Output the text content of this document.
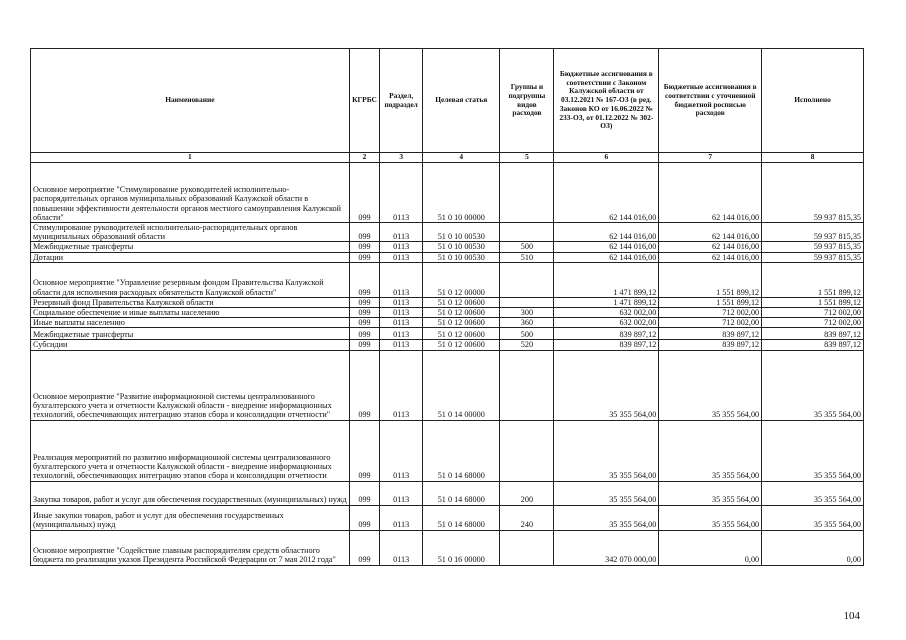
Наименование	КГРБС	Раздел, подраздел	Целевая статья	Группы и подгруппы видов расходов	Бюджетные ассигнования в соответствии с Законом Калужской области от 03.12.2021 № 167-ОЗ (в ред. Законов КО от 16.06.2022 № 233-ОЗ, от 01.12.2022 № 302-ОЗ)	Бюджетные ассигнования в соответствии с уточненной бюджетной росписью расходов	Исполнено
1	2	3	4	5	6	7	8
Основное мероприятие "Стимулирование руководителей исполнительно-распорядительных органов муниципальных образований Калужской области в повышении эффективности деятельности органов местного самоуправления Калужской области"	099	0113	51 0 10 00000		62 144 016,00	62 144 016,00	59 937 815,35
Стимулирование руководителей исполнительно-распорядительных органов муниципальных образований области	099	0113	51 0 10 00530		62 144 016,00	62 144 016,00	59 937 815,35
Межбюджетные трансферты	099	0113	51 0 10 00530	500	62 144 016,00	62 144 016,00	59 937 815,35
Дотации	099	0113	51 0 10 00530	510	62 144 016,00	62 144 016,00	59 937 815,35
Основное мероприятие "Управление резервным фондом Правительства Калужской области для исполнения расходных обязательств Калужской области"	099	0113	51 0 12 00000		1 471 899,12	1 551 899,12	1 551 899,12
Резервный фонд Правительства Калужской области	099	0113	51 0 12 00600		1 471 899,12	1 551 899,12	1 551 899,12
Социальное обеспечение и иные выплаты населению	099	0113	51 0 12 00600	300	632 002,00	712 002,00	712 002,00
Иные выплаты населению	099	0113	51 0 12 00600	360	632 002,00	712 002,00	712 002,00
Межбюджетные трансферты	099	0113	51 0 12 00600	500	839 897,12	839 897,12	839 897,12
Субсидии	099	0113	51 0 12 00600	520	839 897,12	839 897,12	839 897,12
Основное мероприятие "Развитие информационной системы централизованного бухгалтерского учета и отчетности Калужской области - внедрение информационных технологий, обеспечивающих интеграцию этапов сбора и консолидации отчетности"	099	0113	51 0 14 00000		35 355 564,00	35 355 564,00	35 355 564,00
Реализация мероприятий по развитию информационной системы централизованного бухгалтерского учета и отчетности Калужской области - внедрение информационных технологий, обеспечивающих интеграцию этапов сбора и консолидации отчетности	099	0113	51 0 14 68000		35 355 564,00	35 355 564,00	35 355 564,00
Закупка товаров, работ и услуг для обеспечения государственных (муниципальных) нужд	099	0113	51 0 14 68000	200	35 355 564,00	35 355 564,00	35 355 564,00
Иные закупки товаров, работ и услуг для обеспечения государственных (муниципальных) нужд	099	0113	51 0 14 68000	240	35 355 564,00	35 355 564,00	35 355 564,00
Основное мероприятие "Содействие главным распорядителям средств областного бюджета по реализации указов Президента Российской Федерации от 7 мая 2012 года"	099	0113	51 0 16 00000		342 070 000,00	0,00	0,00
104
